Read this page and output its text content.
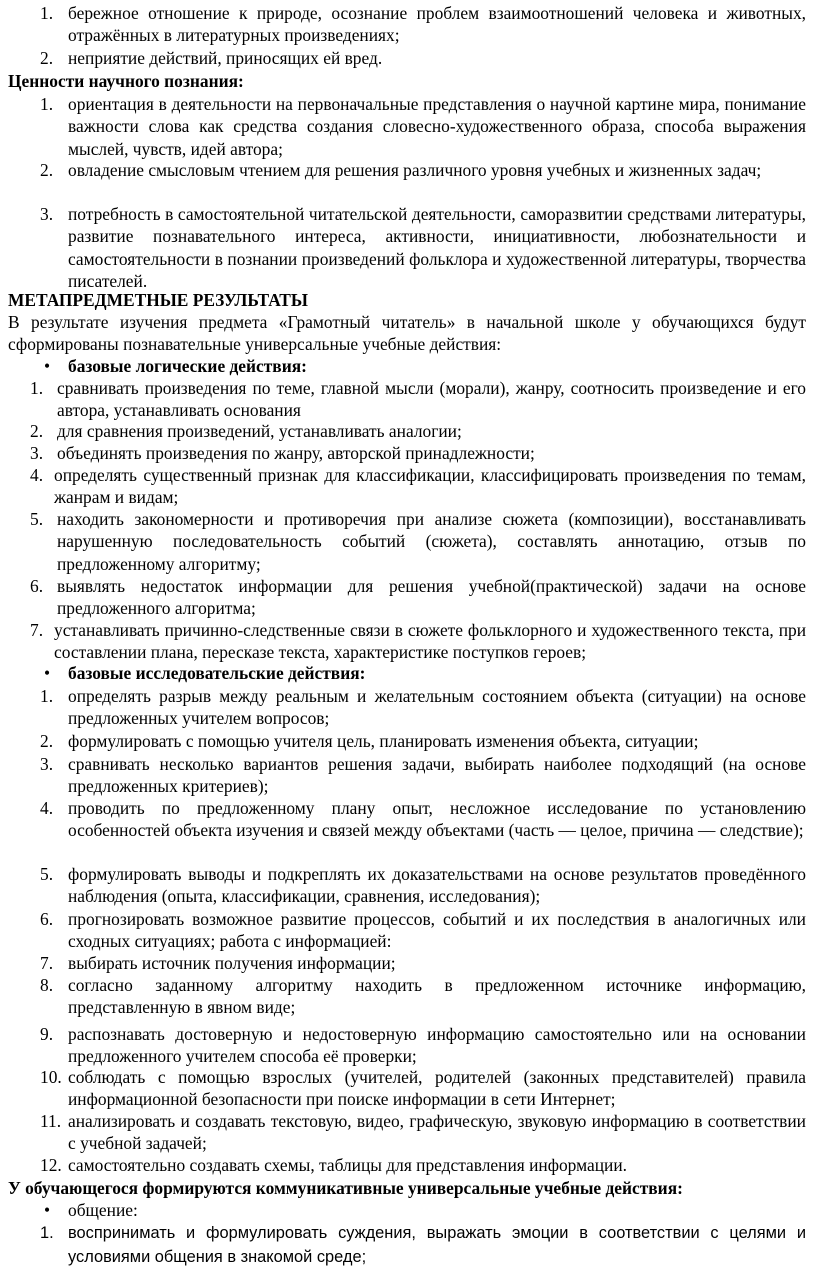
1. бережное отношение к природе, осознание проблем взаимоотношений человека и животных, отражённых в литературных произведениях;
2. неприятие действий, приносящих ей вред.
Ценности научного познания:
1. ориентация в деятельности на первоначальные представления о научной картине мира, понимание важности слова как средства создания словесно-художественного образа, способа выражения мыслей, чувств, идей автора;
2. овладение смысловым чтением для решения различного уровня учебных и жизненных задач;
3. потребность в самостоятельной читательской деятельности, саморазвитии средствами литературы, развитие познавательного интереса, активности, инициативности, любознательности и самостоятельности в познании произведений фольклора и художественной литературы, творчества писателей.
МЕТАПРЕДМЕТНЫЕ РЕЗУЛЬТАТЫ
В результате изучения предмета «Грамотный читатель» в начальной школе у обучающихся будут сформированы познавательные универсальные учебные действия:
• базовые логические действия:
1. сравнивать произведения по теме, главной мысли (морали), жанру, соотносить произведение и его автора, устанавливать основания
2. для сравнения произведений, устанавливать аналогии;
3. объединять произведения по жанру, авторской принадлежности;
4. определять существенный признак для классификации, классифицировать произведения по темам, жанрам и видам;
5. находить закономерности и противоречия при анализе сюжета (композиции), восстанавливать нарушенную последовательность событий (сюжета), составлять аннотацию, отзыв по предложенному алгоритму;
6. выявлять недостаток информации для решения учебной(практической) задачи на основе предложенного алгоритма;
7. устанавливать причинно-следственные связи в сюжете фольклорного и художественного текста, при составлении плана, пересказе текста, характеристике поступков героев;
• базовые исследовательские действия:
1. определять разрыв между реальным и желательным состоянием объекта (ситуации) на основе предложенных учителем вопросов;
2. формулировать с помощью учителя цель, планировать изменения объекта, ситуации;
3. сравнивать несколько вариантов решения задачи, выбирать наиболее подходящий (на основе предложенных критериев);
4. проводить по предложенному плану опыт, несложное исследование по установлению особенностей объекта изучения и связей между объектами (часть — целое, причина — следствие);
5. формулировать выводы и подкреплять их доказательствами на основе результатов проведённого наблюдения (опыта, классификации, сравнения, исследования);
6. прогнозировать возможное развитие процессов, событий и их последствия в аналогичных или сходных ситуациях; работа с информацией:
7. выбирать источник получения информации;
8. согласно заданному алгоритму находить в предложенном источнике информацию, представленную в явном виде;
9. распознавать достоверную и недостоверную информацию самостоятельно или на основании предложенного учителем способа её проверки;
10. соблюдать с помощью взрослых (учителей, родителей (законных представителей) правила информационной безопасности при поиске информации в сети Интернет;
11. анализировать и создавать текстовую, видео, графическую, звуковую информацию в соответствии с учебной задачей;
12. самостоятельно создавать схемы, таблицы для представления информации.
У обучающегося формируются коммуникативные универсальные учебные действия:
• общение:
1. воспринимать и формулировать суждения, выражать эмоции в соответствии с целями и условиями общения в знакомой среде;
